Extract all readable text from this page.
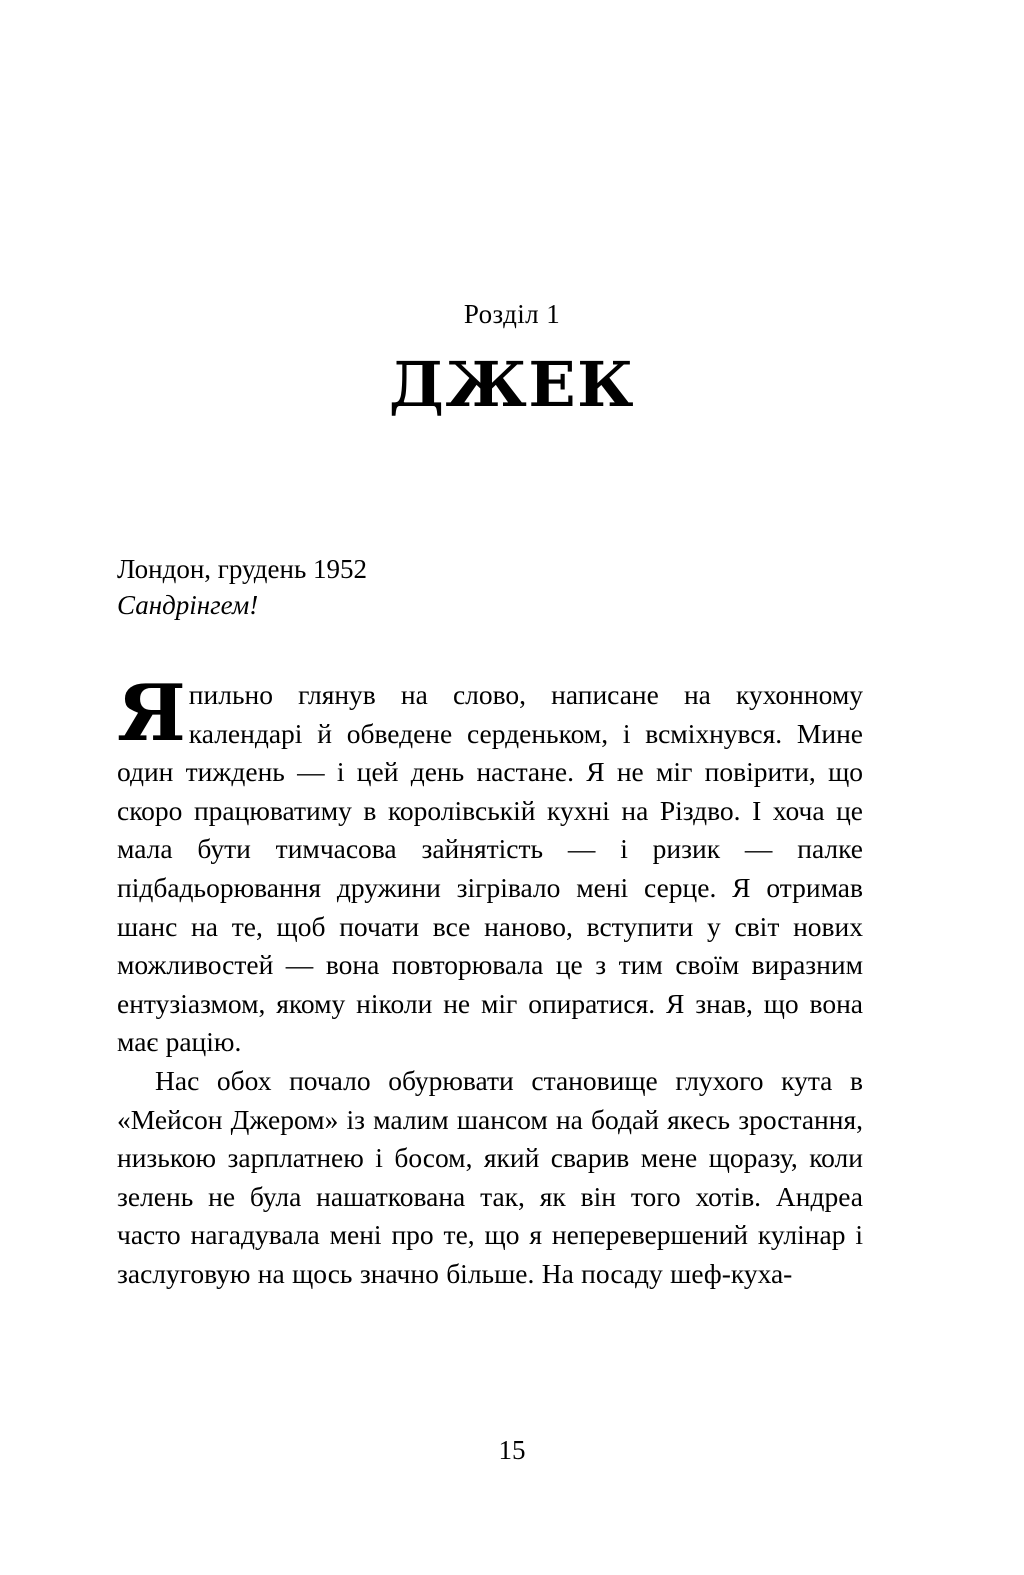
Розділ 1

ДЖЕК

Лондон, грудень 1952

Сандрінгем!

Япильно глянув на слово, написане на кухонному календарі й обведене серденьком, і всміхнувся. Мине один тиждень — і цей день настане. Я не міг повірити, що скоро працюватиму в королівській кухні на Різдво. І хоча це мала бути тимчасова зайнятість — і ризик — палке підбадьорювання дружини зігрівало мені серце. Я отримав шанс на те, щоб почати все наново, вступити у світ нових можливостей — вона повторювала це з тим своїм виразним ентузіазмом, якому ніколи не міг опиратися. Я знав, що вона має рацію.

Нас обох почало обурювати становище глухого кута в «Мейсон Джером» із малим шансом на бодай якесь зростання, низькою зарплатнею і босом, який сварив мене щоразу, коли зелень не була нашаткована так, як він того хотів. Андреа часто нагадувала мені про те, що я неперевершений кулінар і заслуговую на щось значно більше. На посаду шеф-куха-

15
